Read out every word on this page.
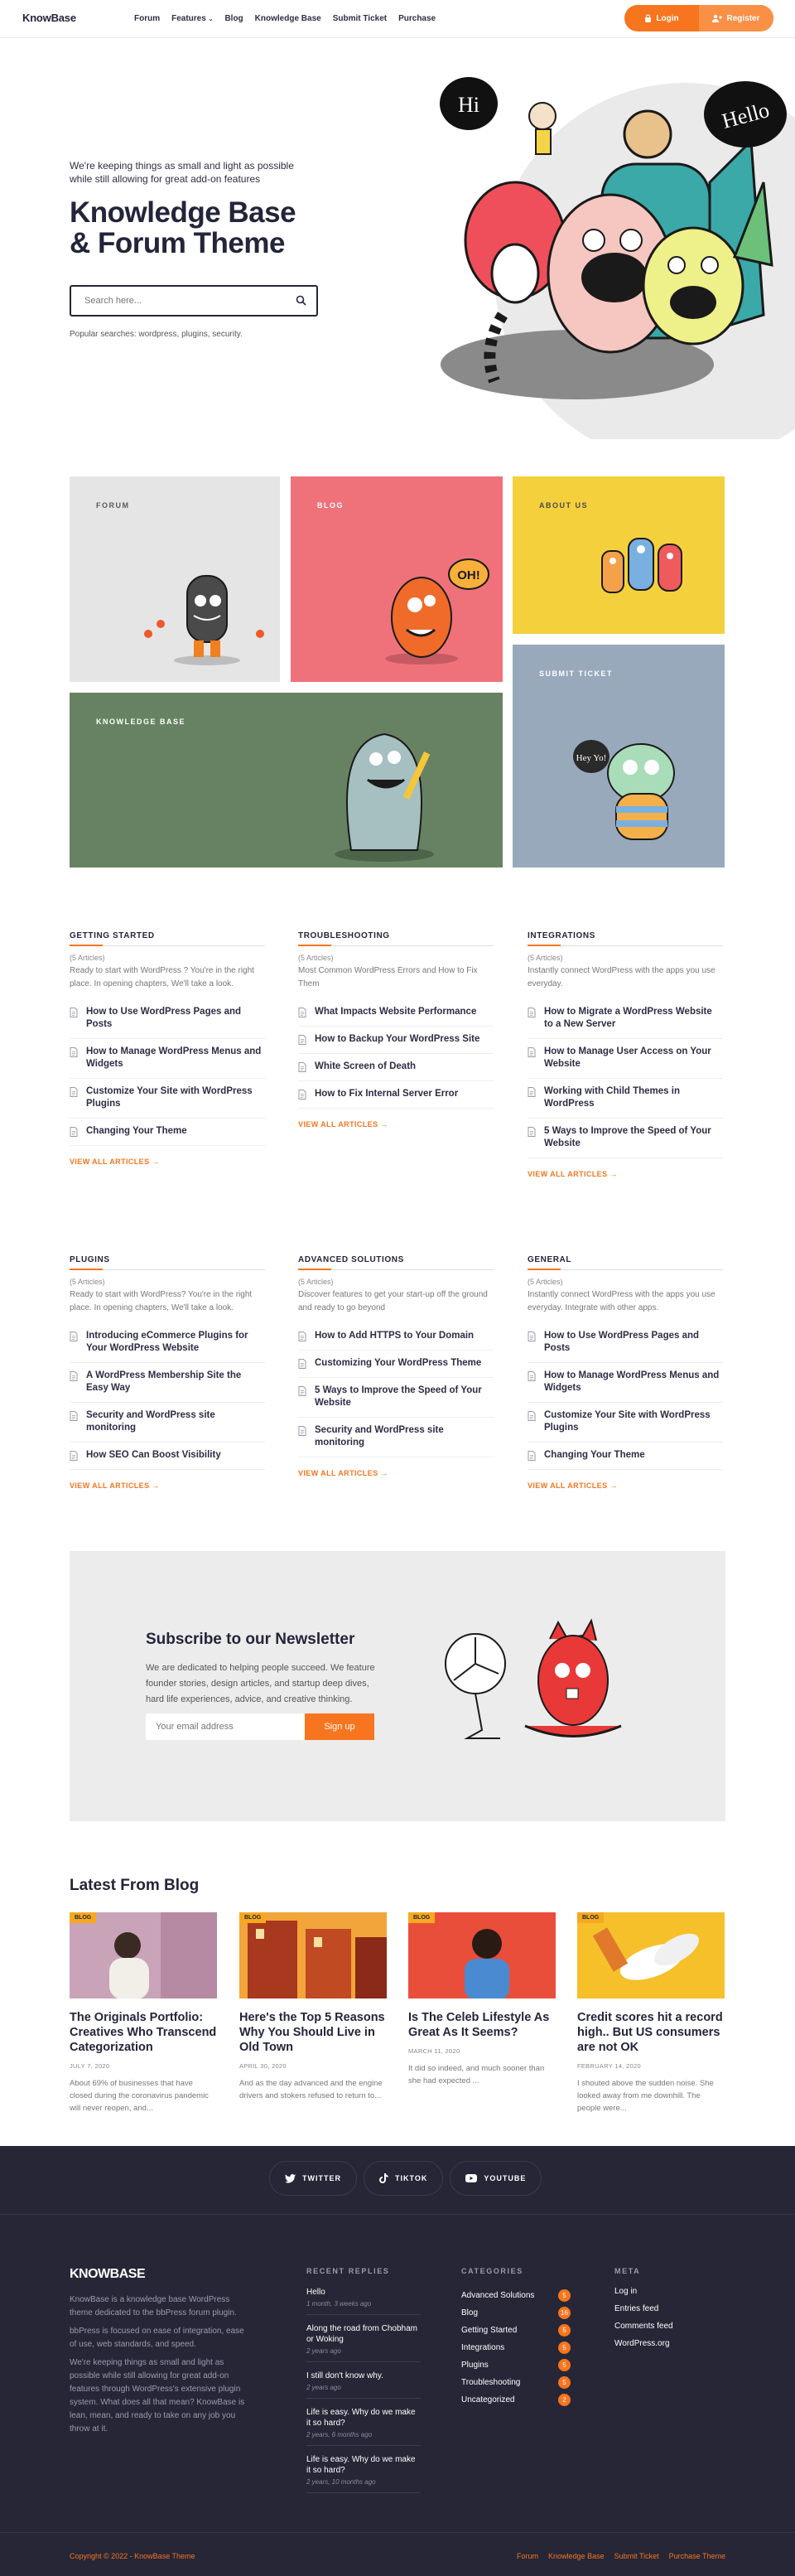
KnowBase	Forum Features ⌄ Blog Knowledge Base Submit Ticket Purchase	Login	Register

We're keeping things as small and light as possible while still allowing for great add-on features

Knowledge Base
& Forum Theme
Search here...

Popular searches: wordpress, plugins, security.

Hi	Hello
FORUM	BLOG
OH!
ABOUT US
KNOWLEDGE BASE
SUBMIT TICKET
Hey Yo!
GETTING STARTED
(5 Articles)
Ready to start with WordPress ? You're in the right place. In opening chapters, We'll take a look.
How to Use WordPress Pages and Posts
How to Manage WordPress Menus and Widgets
Customize Your Site with WordPress Plugins
Changing Your Theme
VIEW ALL ARTICLES →
TROUBLESHOOTING
(5 Articles)
Most Common WordPress Errors and How to Fix Them
What Impacts Website Performance
How to Backup Your WordPress Site
White Screen of Death
How to Fix Internal Server Error
VIEW ALL ARTICLES →
INTEGRATIONS
(5 Articles)
Instantly connect WordPress with the apps you use everyday.
How to Migrate a WordPress Website to a New Server
How to Manage User Access on Your Website
Working with Child Themes in WordPress
5 Ways to Improve the Speed of Your Website
VIEW ALL ARTICLES →
PLUGINS
(5 Articles)
Ready to start with WordPress? You're in the right place. In opening chapters, We'll take a look.
Introducing eCommerce Plugins for Your WordPress Website
A WordPress Membership Site the Easy Way
Security and WordPress site monitoring
How SEO Can Boost Visibility
VIEW ALL ARTICLES →
ADVANCED SOLUTIONS
(5 Articles)
Discover features to get your start-up off the ground and ready to go beyond
How to Add HTTPS to Your Domain
Customizing Your WordPress Theme
5 Ways to Improve the Speed of Your Website
Security and WordPress site monitoring
VIEW ALL ARTICLES →
GENERAL
(5 Articles)
Instantly connect WordPress with the apps you use everyday. Integrate with other apps.
How to Use WordPress Pages and Posts
How to Manage WordPress Menus and Widgets
Customize Your Site with WordPress Plugins
Changing Your Theme
VIEW ALL ARTICLES →
Subscribe to our Newsletter

We are dedicated to helping people succeed. We feature founder stories, design articles, and startup deep dives, hard life experiences, advice, and creative thinking.

Your email address
Sign up
Latest From Blog
BLOG
The Originals Portfolio: Creatives Who Transcend Categorization
JULY 7, 2020
About 69% of businesses that have closed during the coronavirus pandemic will never reopen, and...
BLOG
Here's the Top 5 Reasons Why You Should Live in Old Town
APRIL 30, 2020
And as the day advanced and the engine drivers and stokers refused to return to...
BLOG
Is The Celeb Lifestyle As Great As It Seems?
MARCH 11, 2020
It did so indeed, and much sooner than she had expected ...
BLOG
Credit scores hit a record high.. But US consumers are not OK
FEBRUARY 14, 2020
I shouted above the sudden noise. She looked away from me downhill. The people were...
TWITTER	TIKTOK	YOUTUBE
KNOWBASE

KnowBase is a knowledge base WordPress theme dedicated to the bbPress forum plugin.

bbPress is focused on ease of integration, ease of use, web standards, and speed.

We're keeping things as small and light as possible while still allowing for great add-on features through WordPress's extensive plugin system. What does all that mean? KnowBase is lean, mean, and ready to take on any job you throw at it.

RECENT REPLIES
Hello
1 month, 3 weeks ago
Along the road from Chobham or Woking
2 years ago
I still don't know why.
2 years ago
Life is easy. Why do we make it so hard?
2 years, 6 months ago
Life is easy. Why do we make it so hard?
2 years, 10 months ago
CATEGORIES
Advanced Solutions	5
Blog	16
Getting Started	5
Integrations	5
Plugins	5
Troubleshooting	5
Uncategorized	2
META
Log in
Entries feed
Comments feed
WordPress.org
Copyright © 2022 - KnowBase Theme	Forum Knowledge Base Submit Ticket Purchase Theme
